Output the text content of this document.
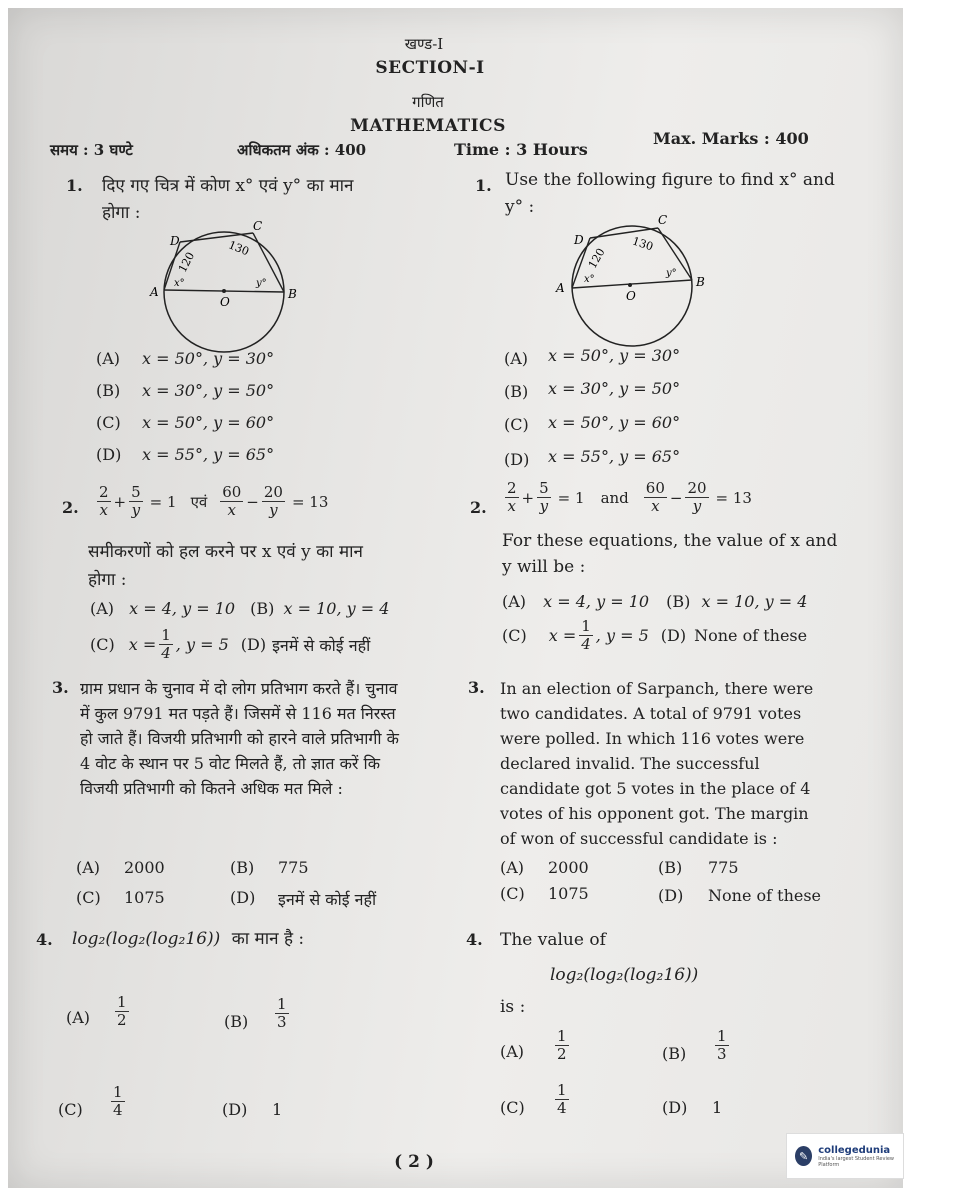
खण्ड-I
SECTION-I
गणित
MATHEMATICS
समय : 3 घण्टे	अधिकतम अंक : 400	Time : 3 Hours
Max. Marks : 400
1. दिए गए चित्र में कोण x° एवं y° का मान
होगा :
A	B
C
D
O
x°	y°
120
130
(A) x = 50°, y = 30°
(B) x = 30°, y = 50°
(C) x = 50°, y = 60°
(D) x = 55°, y = 65°
1. Use the following figure to find x° and
y° :
A	B
C
D
O
x°
y°
120
130
(A) x = 50°, y = 30°
(B) x = 30°, y = 50°
(C) x = 50°, y = 60°
(D) x = 55°, y = 65°
2. $\frac{2}{x} + \frac{5}{y} = 1$ एवं $\frac{60}{x} - \frac{20}{y} = 13$
समीकरणों को हल करने पर x एवं y का मान
होगा :
(A) x = 4, y = 10 (B) x = 10, y = 4
(C) $x = \frac{1}{4}$ , y = 5 (D) इनमें से कोई नहीं
2. $\frac{2}{x} + \frac{5}{y} = 1$ and $\frac{60}{x} - \frac{20}{y} = 13$
For these equations, the value of x and
y will be :
(A) x = 4, y = 10 (B) x = 10, y = 4
(C) $x = \frac{1}{4}$ , y = 5 (D) None of these
3. ग्राम प्रधान के चुनाव में दो लोग प्रतिभाग करते हैं। चुनाव में कुल 9791 मत पड़ते हैं। जिसमें से 116 मत निरस्त हो जाते हैं। विजयी प्रतिभागी को हारने वाले प्रतिभागी के 4 वोट के स्थान पर 5 वोट मिलते हैं, तो ज्ञात करें कि विजयी प्रतिभागी को कितने अधिक मत मिले :
(A) 2000	(B) 775
(C) 1075	(D) इनमें से कोई नहीं
3. In an election of Sarpanch, there were two candidates. A total of 9791 votes were polled. In which 116 votes were declared invalid. The successful candidate got 5 votes in the place of 4 votes of his opponent got. The margin of won of successful candidate is :
(A) 2000	(B) 775
(C) 1075	(D) None of these
4. log₂(log₂(log₂16)) का मान है :
$(A) \frac{1}{2}$	$(B) \frac{1}{3}$
$(C) \frac{1}{4}$	(D) 1
4. The value of
log₂(log₂(log₂16))
is :
$(A) \frac{1}{2}$	$(B) \frac{1}{3}$
$(C) \frac{1}{4}$	(D) 1
( 2 )	✎	collegedunia
India's largest Student Review Platform
